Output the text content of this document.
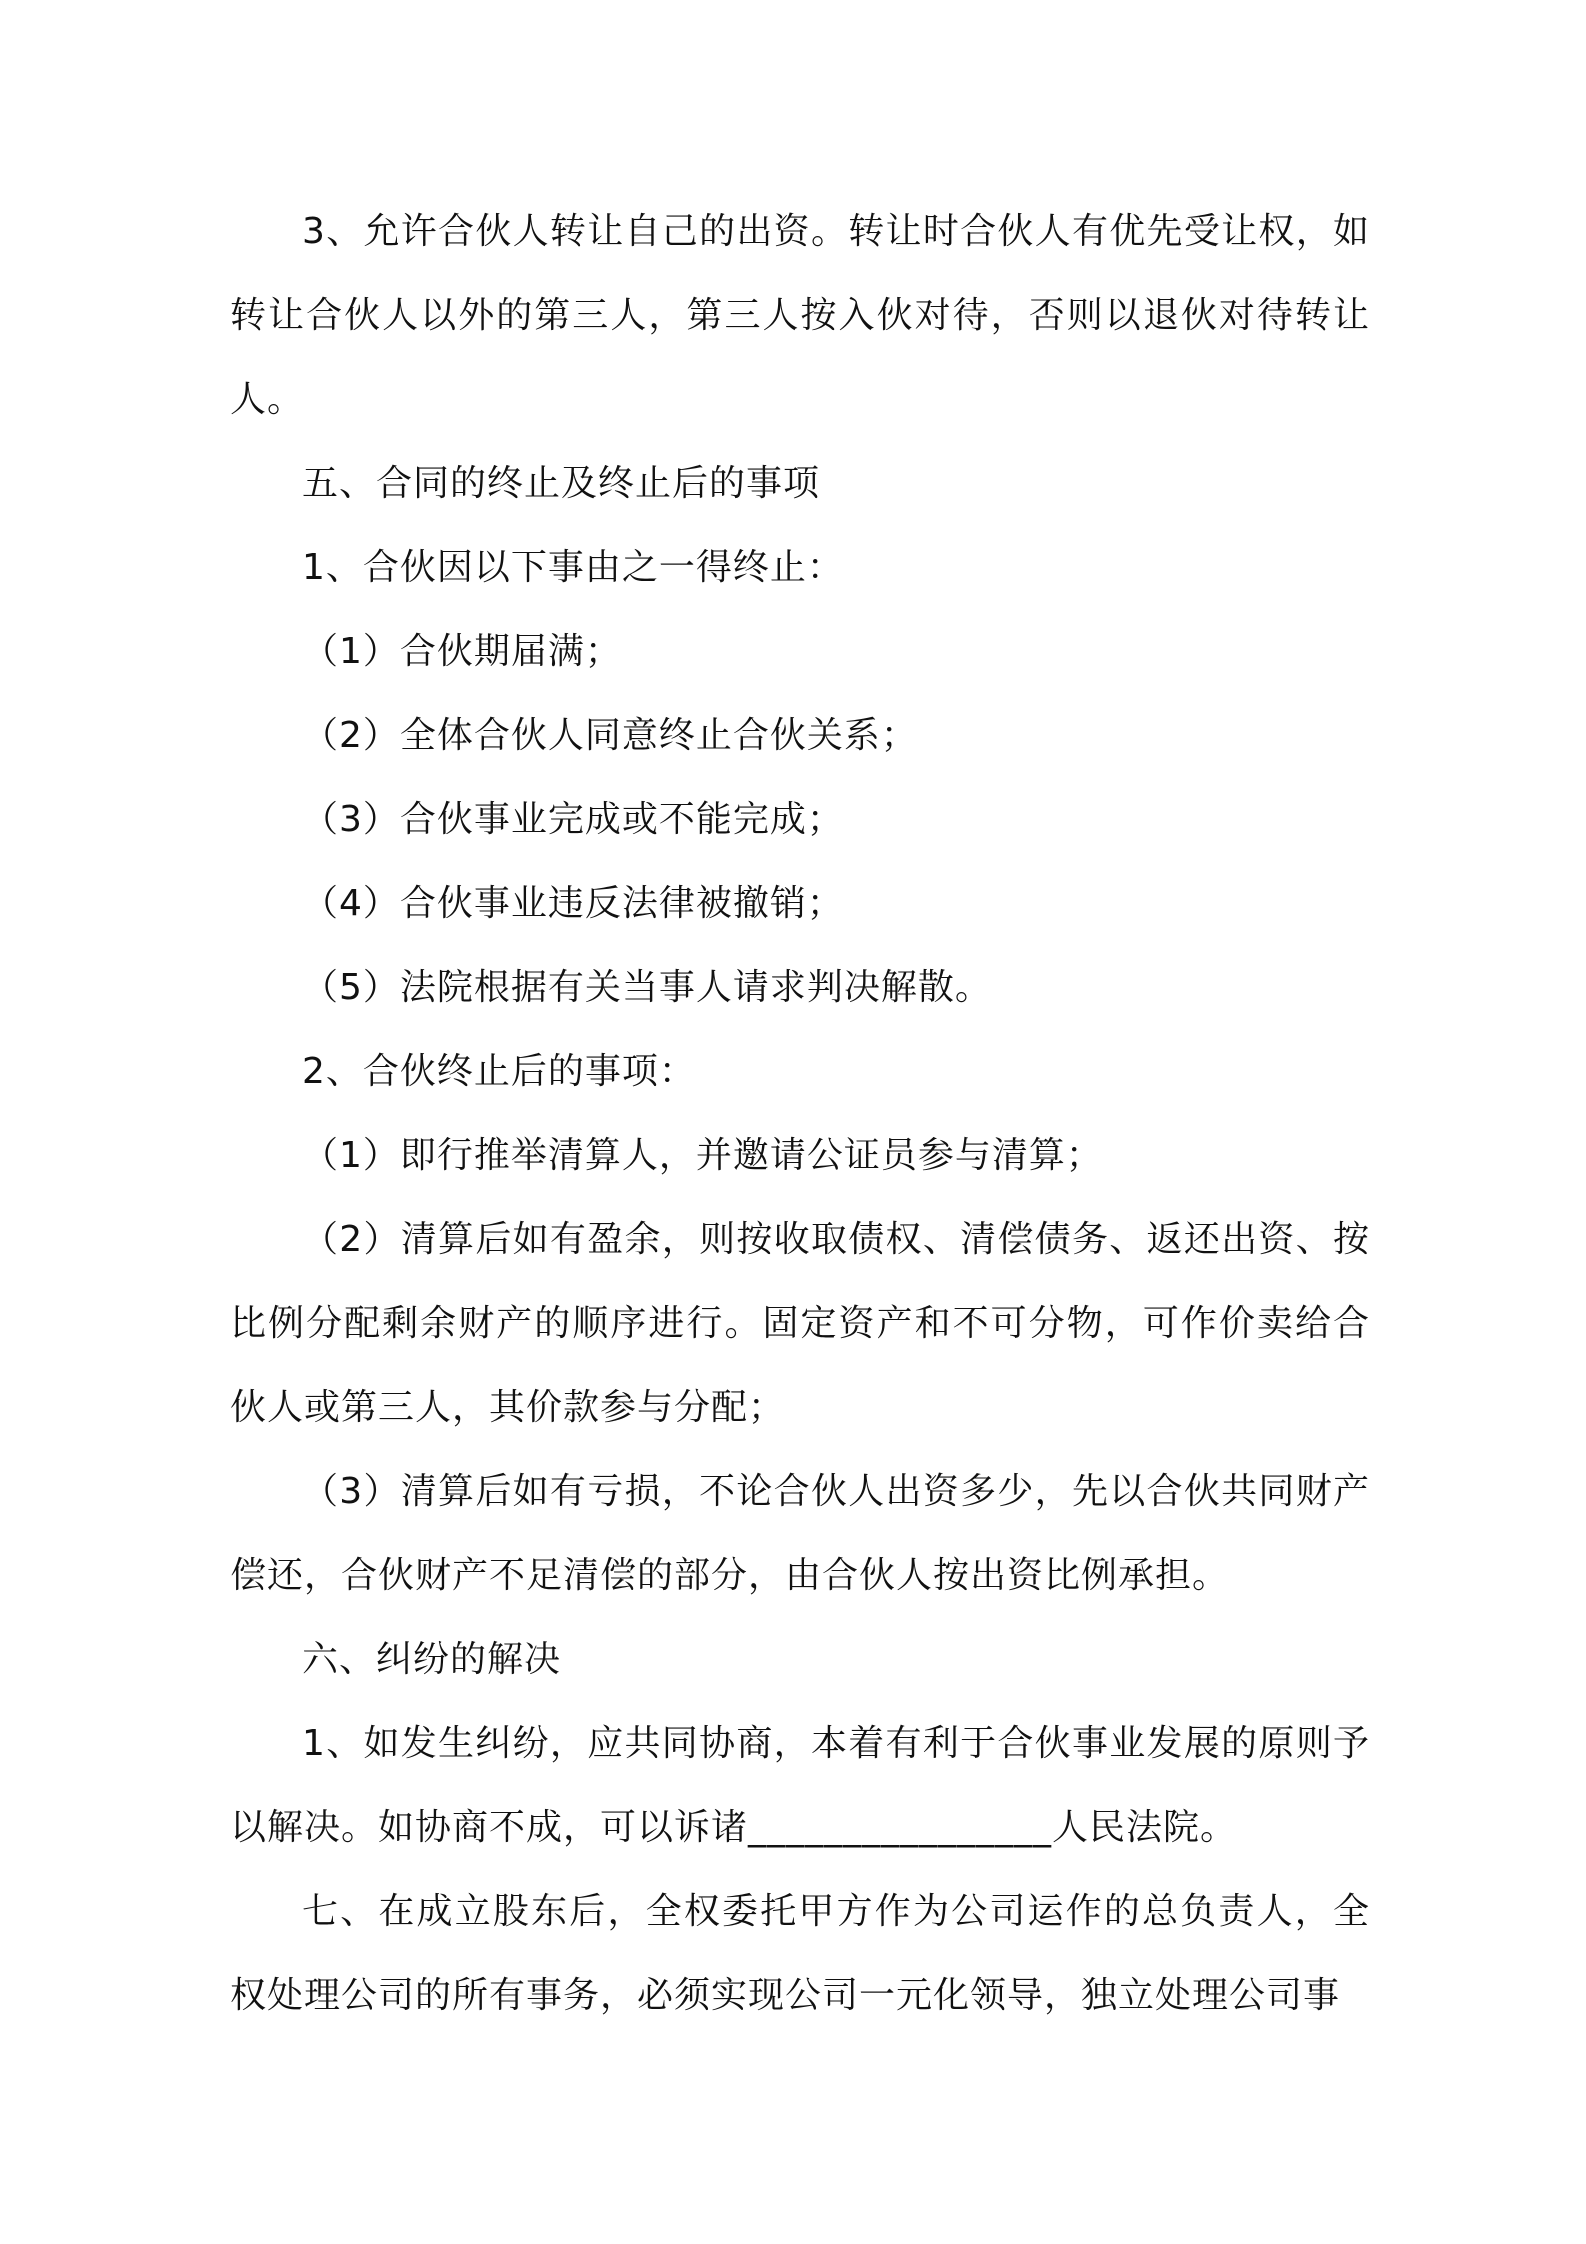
3、允许合伙人转让自己的出资。转让时合伙人有优先受让权，如转让合伙人以外的第三人，第三人按入伙对待，否则以退伙对待转让人。

五、合同的终止及终止后的事项

1、合伙因以下事由之一得终止：

（1）合伙期届满；

（2）全体合伙人同意终止合伙关系；

（3）合伙事业完成或不能完成；

（4）合伙事业违反法律被撤销；

（5）法院根据有关当事人请求判决解散。

2、合伙终止后的事项：

（1）即行推举清算人，并邀请公证员参与清算；

（2）清算后如有盈余，则按收取债权、清偿债务、返还出资、按比例分配剩余财产的顺序进行。固定资产和不可分物，可作价卖给合伙人或第三人，其价款参与分配；

（3）清算后如有亏损，不论合伙人出资多少，先以合伙共同财产偿还，合伙财产不足清偿的部分，由合伙人按出资比例承担。

六、纠纷的解决

1、如发生纠纷，应共同协商，本着有利于合伙事业发展的原则予以解决。如协商不成，可以诉诸________________人民法院。

七、在成立股东后，全权委托甲方作为公司运作的总负责人，全权处理公司的所有事务，必须实现公司一元化领导，独立处理公司事
